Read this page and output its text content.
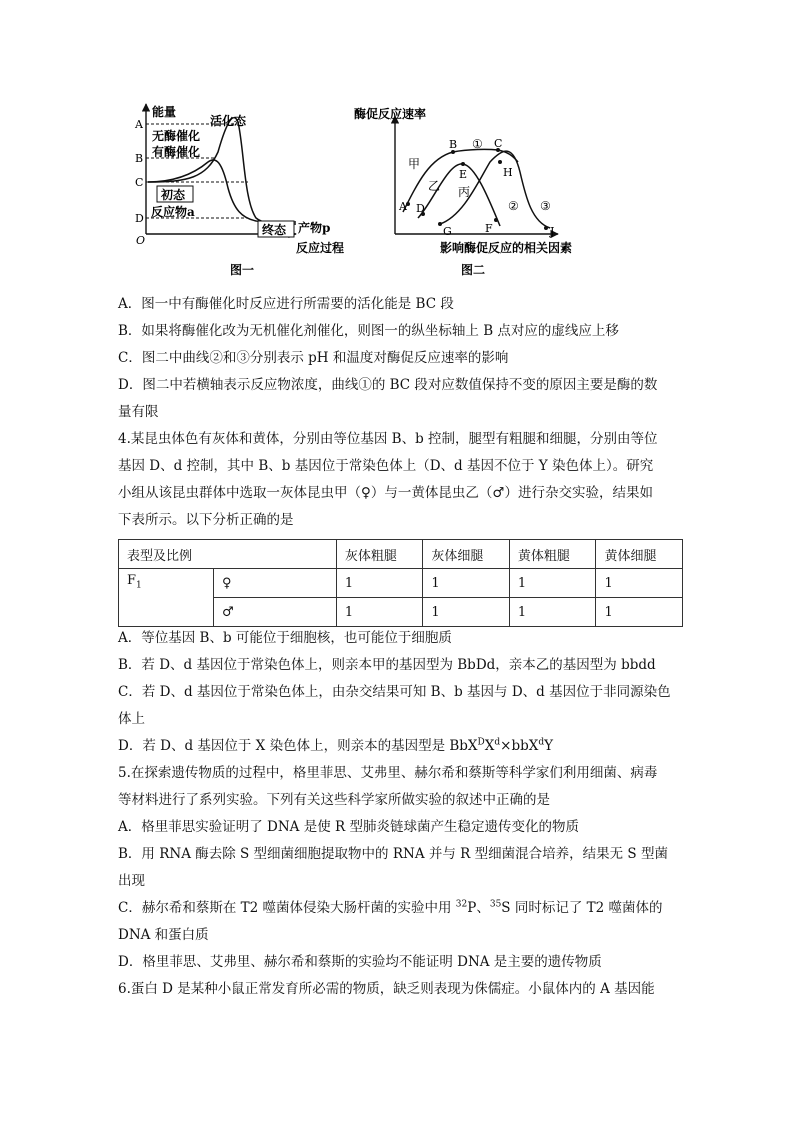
能量
反应过程
O
A
B
C
D
活化态
无酶催化
有酶催化
初态
反应物a
终态 产物p
图一
酶促反应速率
影响酶促反应的相关因素
A
B	C
D
E
F
G
H
J
甲
乙 丙
①
② ③
图二
A．图一中有酶催化时反应进行所需要的活化能是 BC 段
B．如果将酶催化改为无机催化剂催化，则图一的纵坐标轴上 B 点对应的虚线应上移
C．图二中曲线②和③分别表示 pH 和温度对酶促反应速率的影响
D．图二中若横轴表示反应物浓度，曲线①的 BC 段对应数值保持不变的原因主要是酶的数
量有限
4.某昆虫体色有灰体和黄体，分别由等位基因 B、b 控制，腿型有粗腿和细腿，分别由等位
基因 D、d 控制，其中 B、b 基因位于常染色体上（D、d 基因不位于 Y 染色体上）。研究
小组从该昆虫群体中选取一灰体昆虫甲（♀）与一黄体昆虫乙（♂）进行杂交实验，结果如
下表所示。以下分析正确的是
表型及比例		灰体粗腿	灰体细腿	黄体粗腿	黄体细腿
$F_1$	♀	1	1	1	1
	♂	1	1	1	1
A．等位基因 B、b 可能位于细胞核，也可能位于细胞质
B．若 D、d 基因位于常染色体上，则亲本甲的基因型为 BbDd，亲本乙的基因型为 bbdd
C．若 D、d 基因位于常染色体上，由杂交结果可知 B、b 基因与 D、d 基因位于非同源染色
体上
D．若 D、d 基因位于 X 染色体上，则亲本的基因型是 $BbX^DX^d\times bbX^dY$
5.在探索遗传物质的过程中，格里菲思、艾弗里、赫尔希和蔡斯等科学家们利用细菌、病毒
等材料进行了系列实验。下列有关这些科学家所做实验的叙述中正确的是
A．格里菲思实验证明了 DNA 是使 R 型肺炎链球菌产生稳定遗传变化的物质
B．用 RNA 酶去除 S 型细菌细胞提取物中的 RNA 并与 R 型细菌混合培养，结果无 S 型菌
出现
C．赫尔希和蔡斯在 T2 噬菌体侵染大肠杆菌的实验中用 $^{32}$P、$^{35}$S 同时标记了 T2 噬菌体的
DNA 和蛋白质
D．格里菲思、艾弗里、赫尔希和蔡斯的实验均不能证明 DNA 是主要的遗传物质
6.蛋白 D 是某种小鼠正常发育所必需的物质，缺乏则表现为侏儒症。小鼠体内的 A 基因能
